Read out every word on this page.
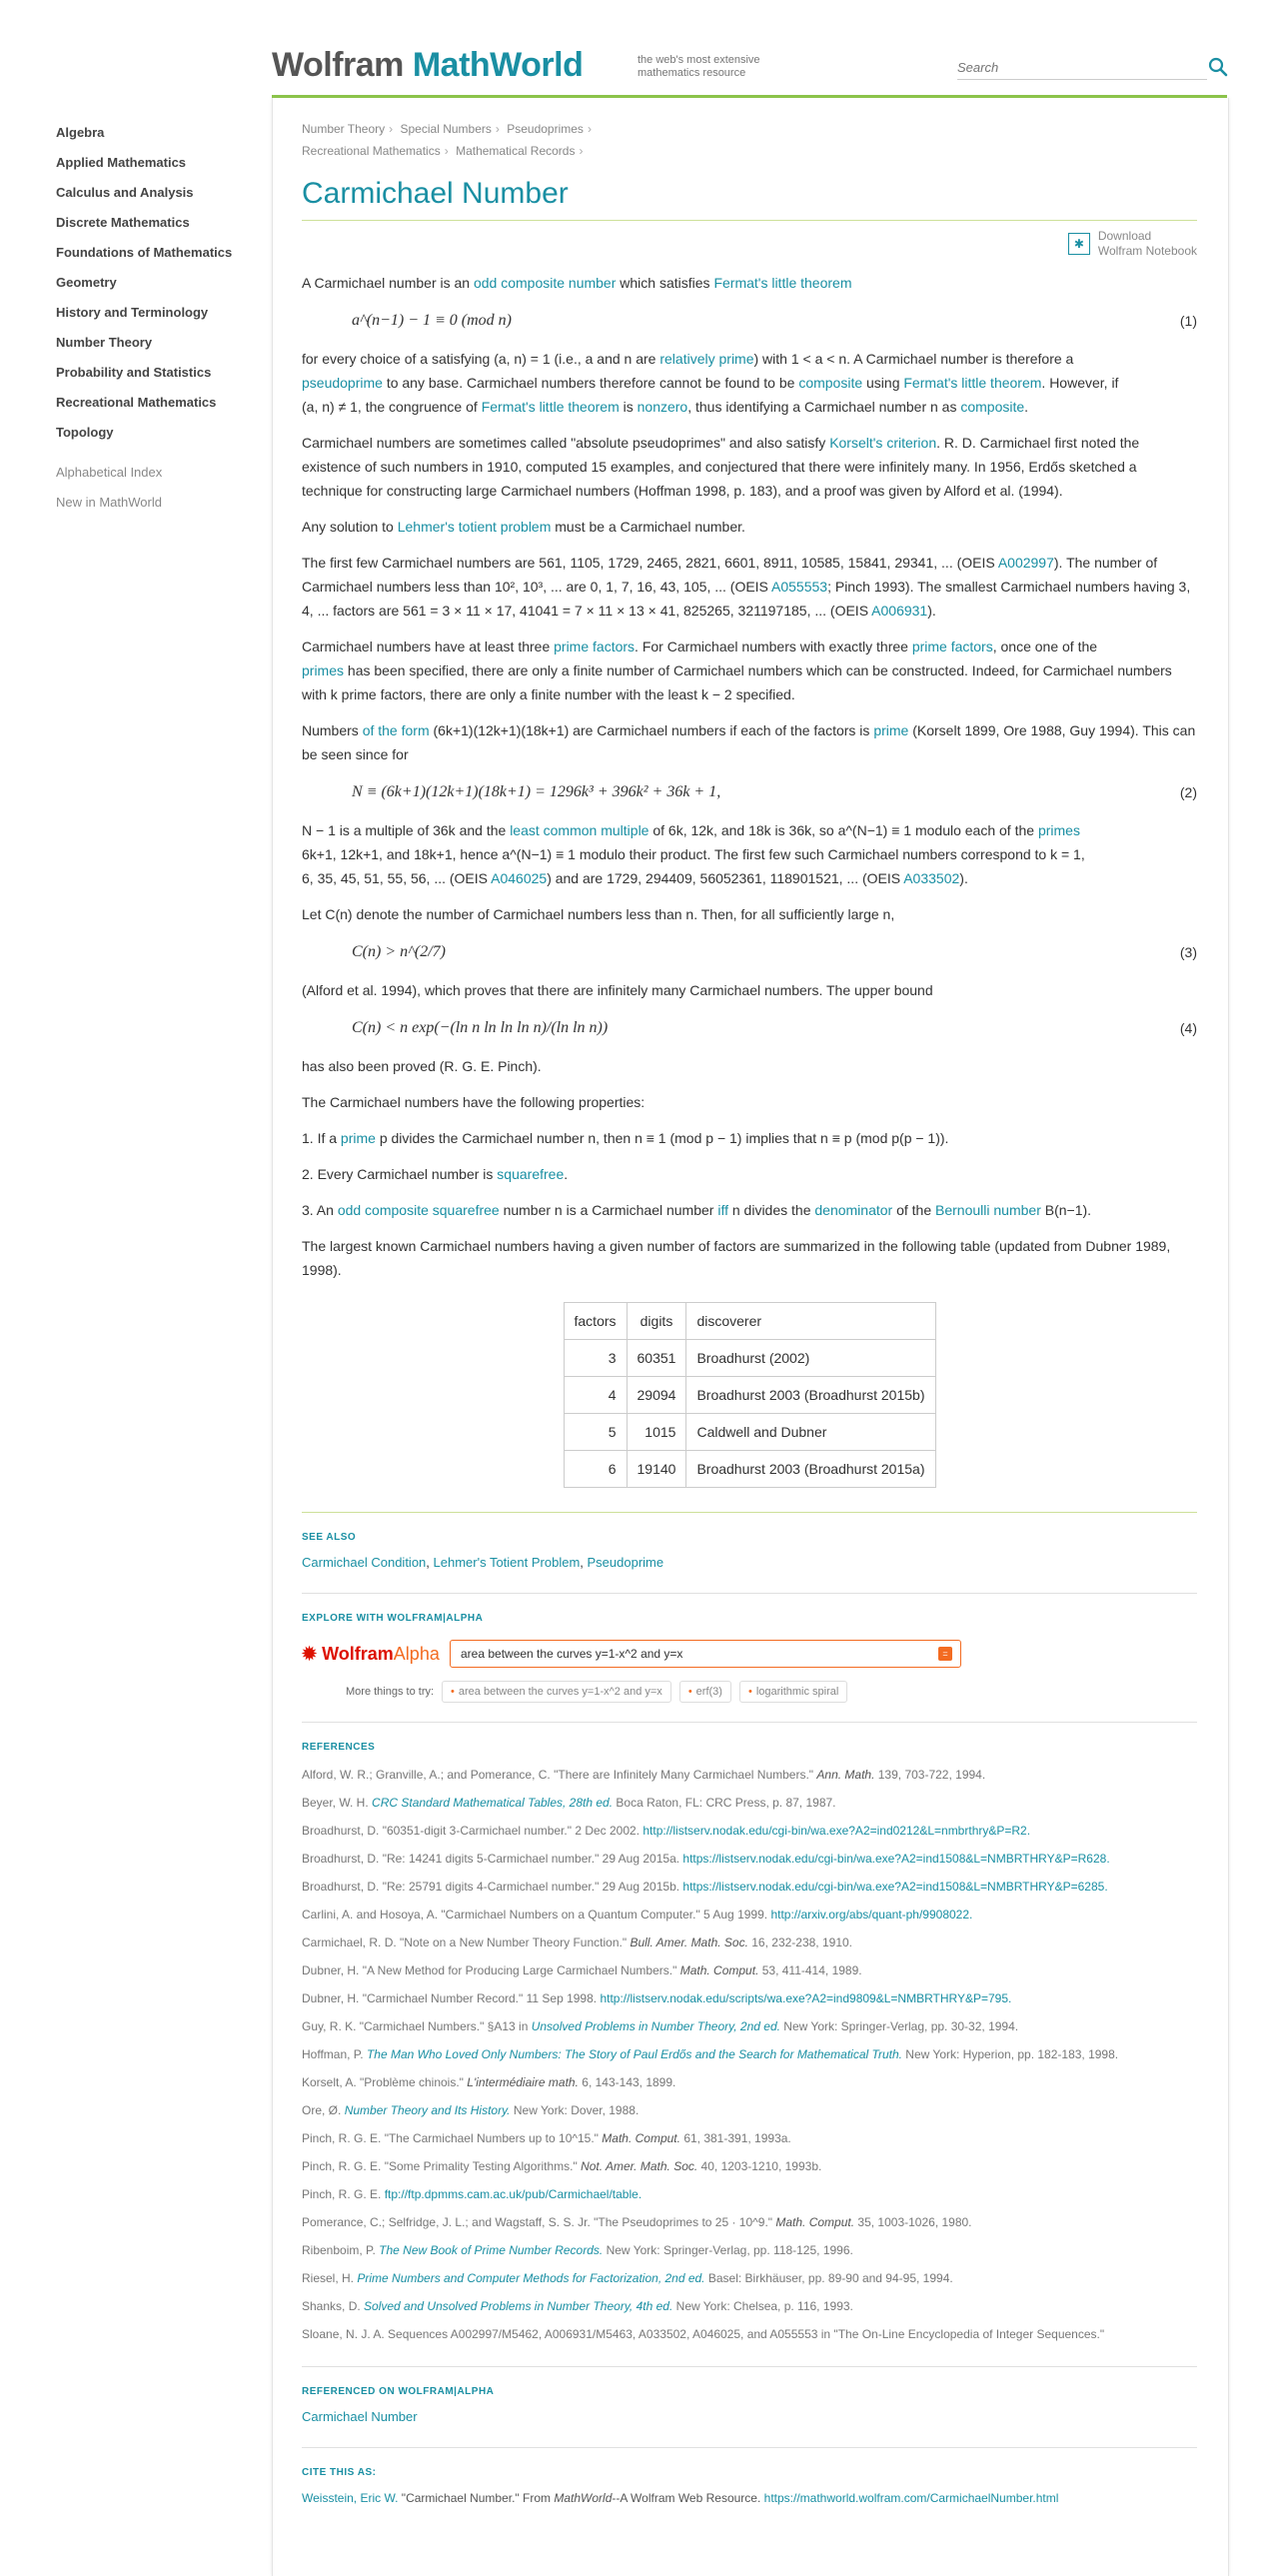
Wolfram MathWorld	the web's most extensive
mathematics resource
Search
Algebra
Applied Mathematics
Calculus and Analysis
Discrete Mathematics
Foundations of Mathematics
Geometry
History and Terminology
Number Theory
Probability and Statistics
Recreational Mathematics
Topology
Alphabetical Index
New in MathWorld
Number Theory › Special Numbers › Pseudoprimes ›
Recreational Mathematics › Mathematical Records ›
Carmichael Number
✱
Download
Wolfram Notebook

A Carmichael number is an odd composite number which satisfies Fermat's little theorem

a^(n−1) − 1 ≡ 0 (mod n)	(1)

for every choice of a satisfying (a, n) = 1 (i.e., a and n are relatively prime) with 1 < a < n. A Carmichael number is therefore a
pseudoprime to any base. Carmichael numbers therefore cannot be found to be composite using Fermat's little theorem. However, if
(a, n) ≠ 1, the congruence of Fermat's little theorem is nonzero, thus identifying a Carmichael number n as composite.

Carmichael numbers are sometimes called "absolute pseudoprimes" and also satisfy Korselt's criterion. R. D. Carmichael first noted the existence of such numbers in 1910, computed 15 examples, and conjectured that there were infinitely many. In 1956, Erdős sketched a technique for constructing large Carmichael numbers (Hoffman 1998, p. 183), and a proof was given by Alford et al. (1994).

Any solution to Lehmer's totient problem must be a Carmichael number.

The first few Carmichael numbers are 561, 1105, 1729, 2465, 2821, 6601, 8911, 10585, 15841, 29341, ... (OEIS A002997). The number of Carmichael numbers less than 10², 10³, ... are 0, 1, 7, 16, 43, 105, ... (OEIS A055553; Pinch 1993). The smallest Carmichael numbers having 3, 4, ... factors are 561 = 3 × 11 × 17, 41041 = 7 × 11 × 13 × 41, 825265, 321197185, ... (OEIS A006931).

Carmichael numbers have at least three prime factors. For Carmichael numbers with exactly three prime factors, once one of the
primes has been specified, there are only a finite number of Carmichael numbers which can be constructed. Indeed, for Carmichael numbers with k prime factors, there are only a finite number with the least k − 2 specified.

Numbers of the form (6k+1)(12k+1)(18k+1) are Carmichael numbers if each of the factors is prime (Korselt 1899, Ore 1988, Guy 1994). This can be seen since for

N ≡ (6k+1)(12k+1)(18k+1) = 1296k³ + 396k² + 36k + 1,	(2)

N − 1 is a multiple of 36k and the least common multiple of 6k, 12k, and 18k is 36k, so a^(N−1) ≡ 1 modulo each of the primes
6k+1, 12k+1, and 18k+1, hence a^(N−1) ≡ 1 modulo their product. The first few such Carmichael numbers correspond to k = 1,
6, 35, 45, 51, 55, 56, ... (OEIS A046025) and are 1729, 294409, 56052361, 118901521, ... (OEIS A033502).

Let C(n) denote the number of Carmichael numbers less than n. Then, for all sufficiently large n,

C(n) > n^(2/7)	(3)

(Alford et al. 1994), which proves that there are infinitely many Carmichael numbers. The upper bound

C(n) < n exp(−(ln n ln ln ln n)/(ln ln n))	(4)

has also been proved (R. G. E. Pinch).

The Carmichael numbers have the following properties:

1. If a prime p divides the Carmichael number n, then n ≡ 1 (mod p − 1) implies that n ≡ p (mod p(p − 1)).

2. Every Carmichael number is squarefree.

3. An odd composite squarefree number n is a Carmichael number iff n divides the denominator of the Bernoulli number B(n−1).

The largest known Carmichael numbers having a given number of factors are summarized in the following table (updated from Dubner 1989, 1998).

factors	digits	discoverer
3	60351	Broadhurst (2002)
4	29094	Broadhurst 2003 (Broadhurst 2015b)
5	1015	Caldwell and Dubner
6	19140	Broadhurst 2003 (Broadhurst 2015a)
SEE ALSO
Carmichael Condition, Lehmer's Totient Problem, Pseudoprime
EXPLORE WITH WOLFRAM|ALPHA
✹ WolframAlpha	area between the curves y=1-x^2 and y=x	=
More things to try:	• area between the curves y=1-x^2 and y=x	• erf(3)	• logarithmic spiral
REFERENCES
Alford, W. R.; Granville, A.; and Pomerance, C. "There are Infinitely Many Carmichael Numbers." Ann. Math. 139, 703-722, 1994.
Beyer, W. H. CRC Standard Mathematical Tables, 28th ed. Boca Raton, FL: CRC Press, p. 87, 1987.
Broadhurst, D. "60351-digit 3-Carmichael number." 2 Dec 2002. http://listserv.nodak.edu/cgi-bin/wa.exe?A2=ind0212&L=nmbrthry&P=R2.
Broadhurst, D. "Re: 14241 digits 5-Carmichael number." 29 Aug 2015a. https://listserv.nodak.edu/cgi-bin/wa.exe?A2=ind1508&L=NMBRTHRY&P=R628.
Broadhurst, D. "Re: 25791 digits 4-Carmichael number." 29 Aug 2015b. https://listserv.nodak.edu/cgi-bin/wa.exe?A2=ind1508&L=NMBRTHRY&P=6285.
Carlini, A. and Hosoya, A. "Carmichael Numbers on a Quantum Computer." 5 Aug 1999. http://arxiv.org/abs/quant-ph/9908022.
Carmichael, R. D. "Note on a New Number Theory Function." Bull. Amer. Math. Soc. 16, 232-238, 1910.
Dubner, H. "A New Method for Producing Large Carmichael Numbers." Math. Comput. 53, 411-414, 1989.
Dubner, H. "Carmichael Number Record." 11 Sep 1998. http://listserv.nodak.edu/scripts/wa.exe?A2=ind9809&L=NMBRTHRY&P=795.
Guy, R. K. "Carmichael Numbers." §A13 in Unsolved Problems in Number Theory, 2nd ed. New York: Springer-Verlag, pp. 30-32, 1994.
Hoffman, P. The Man Who Loved Only Numbers: The Story of Paul Erdős and the Search for Mathematical Truth. New York: Hyperion, pp. 182-183, 1998.
Korselt, A. "Problème chinois." L'intermédiaire math. 6, 143-143, 1899.
Ore, Ø. Number Theory and Its History. New York: Dover, 1988.
Pinch, R. G. E. "The Carmichael Numbers up to 10^15." Math. Comput. 61, 381-391, 1993a.
Pinch, R. G. E. "Some Primality Testing Algorithms." Not. Amer. Math. Soc. 40, 1203-1210, 1993b.
Pinch, R. G. E. ftp://ftp.dpmms.cam.ac.uk/pub/Carmichael/table.
Pomerance, C.; Selfridge, J. L.; and Wagstaff, S. S. Jr. "The Pseudoprimes to 25 · 10^9." Math. Comput. 35, 1003-1026, 1980.
Ribenboim, P. The New Book of Prime Number Records. New York: Springer-Verlag, pp. 118-125, 1996.
Riesel, H. Prime Numbers and Computer Methods for Factorization, 2nd ed. Basel: Birkhäuser, pp. 89-90 and 94-95, 1994.
Shanks, D. Solved and Unsolved Problems in Number Theory, 4th ed. New York: Chelsea, p. 116, 1993.
Sloane, N. J. A. Sequences A002997/M5462, A006931/M5463, A033502, A046025, and A055553 in "The On-Line Encyclopedia of Integer Sequences."
REFERENCED ON WOLFRAM|ALPHA
Carmichael Number
CITE THIS AS:
Weisstein, Eric W. "Carmichael Number." From MathWorld--A Wolfram Web Resource. https://mathworld.wolfram.com/CarmichaelNumber.html
